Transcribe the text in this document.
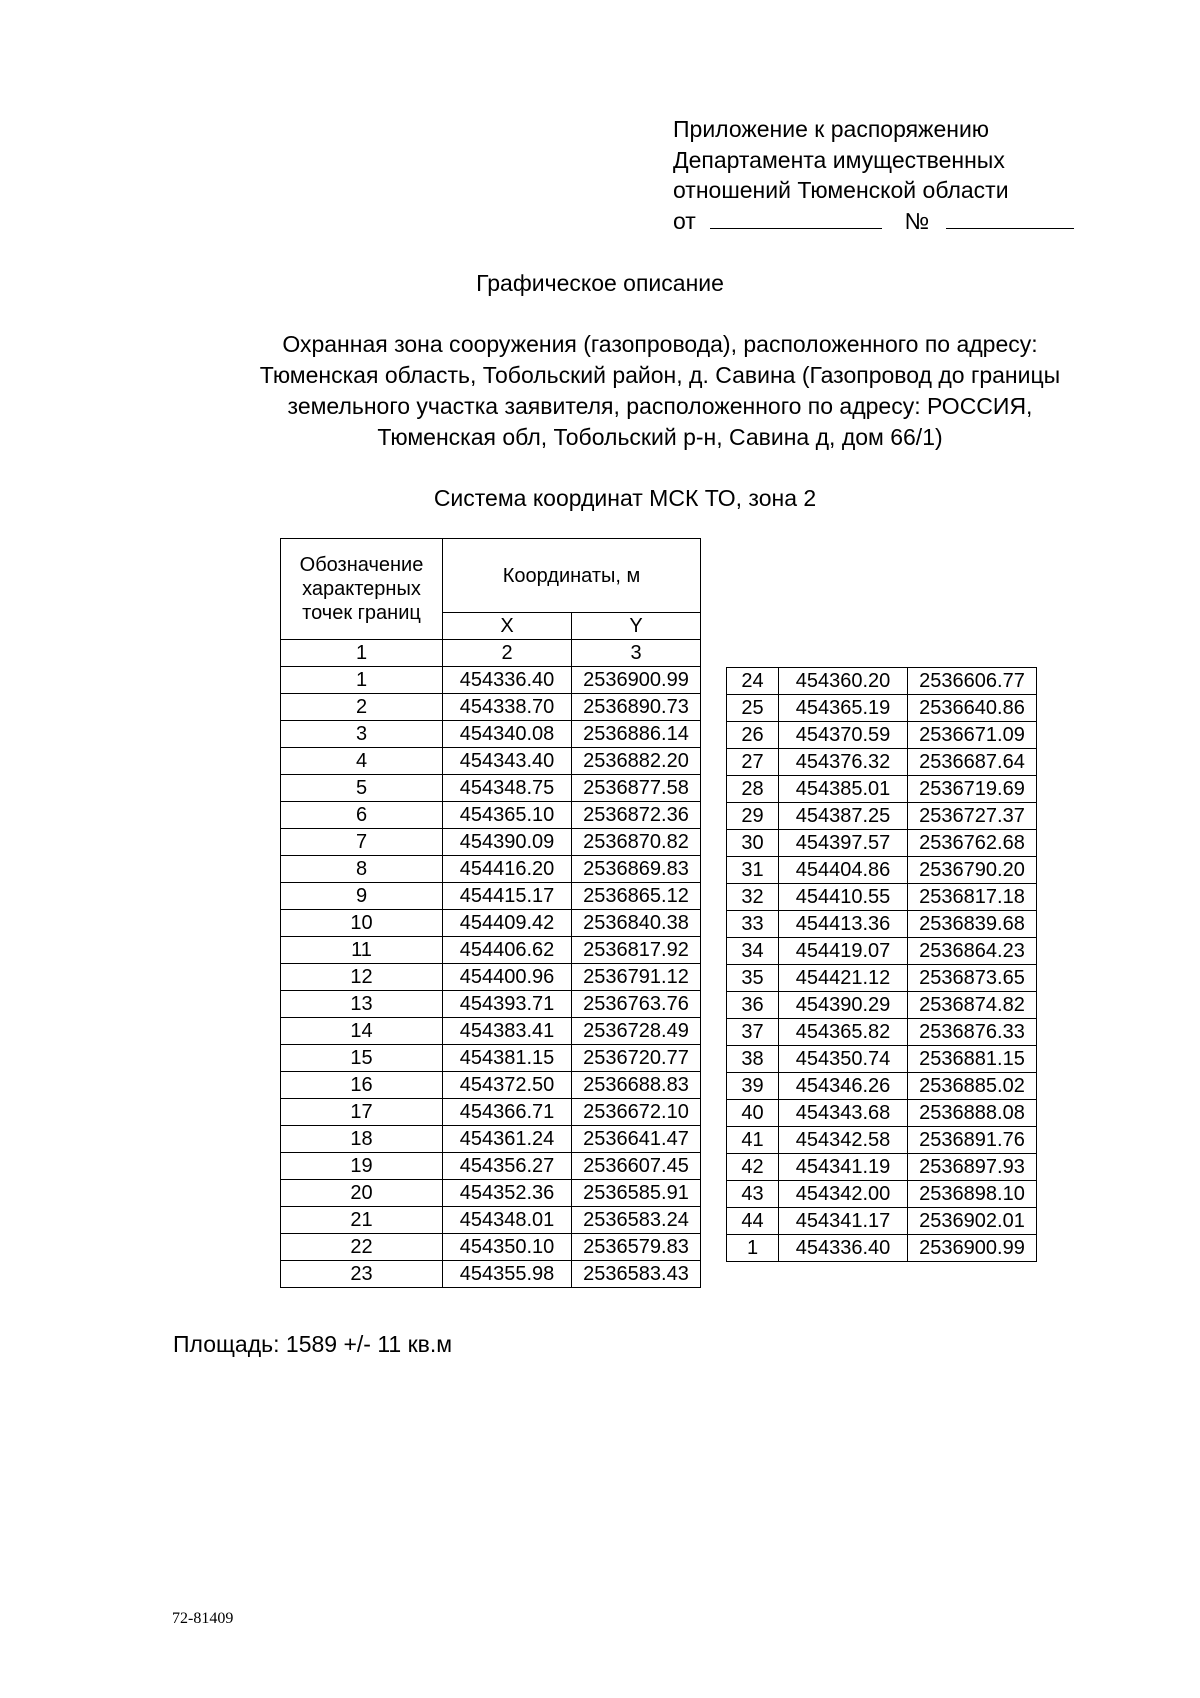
Приложение к распоряжению
Департамента имущественных
отношений Тюменской области
от	№
Графическое описание
Охранная зона сооружения (газопровода), расположенного по адресу:
Тюменская область, Тобольский район, д. Савина (Газопровод до границы
земельного участка заявителя, расположенного по адресу: РОССИЯ,
Тюменская обл, Тобольский р-н, Савина д, дом 66/1)
Система координат МСК ТО, зона 2
Обозначение характерных точек границ	Координаты, м	
	X	Y
1	2	3
1	454336.40	2536900.99
2	454338.70	2536890.73
3	454340.08	2536886.14
4	454343.40	2536882.20
5	454348.75	2536877.58
6	454365.10	2536872.36
7	454390.09	2536870.82
8	454416.20	2536869.83
9	454415.17	2536865.12
10	454409.42	2536840.38
11	454406.62	2536817.92
12	454400.96	2536791.12
13	454393.71	2536763.76
14	454383.41	2536728.49
15	454381.15	2536720.77
16	454372.50	2536688.83
17	454366.71	2536672.10
18	454361.24	2536641.47
19	454356.27	2536607.45
20	454352.36	2536585.91
21	454348.01	2536583.24
22	454350.10	2536579.83
23	454355.98	2536583.43
24	454360.20	2536606.77
25	454365.19	2536640.86
26	454370.59	2536671.09
27	454376.32	2536687.64
28	454385.01	2536719.69
29	454387.25	2536727.37
30	454397.57	2536762.68
31	454404.86	2536790.20
32	454410.55	2536817.18
33	454413.36	2536839.68
34	454419.07	2536864.23
35	454421.12	2536873.65
36	454390.29	2536874.82
37	454365.82	2536876.33
38	454350.74	2536881.15
39	454346.26	2536885.02
40	454343.68	2536888.08
41	454342.58	2536891.76
42	454341.19	2536897.93
43	454342.00	2536898.10
44	454341.17	2536902.01
1	454336.40	2536900.99
Площадь: 1589 +/- 11 кв.м
72-81409
